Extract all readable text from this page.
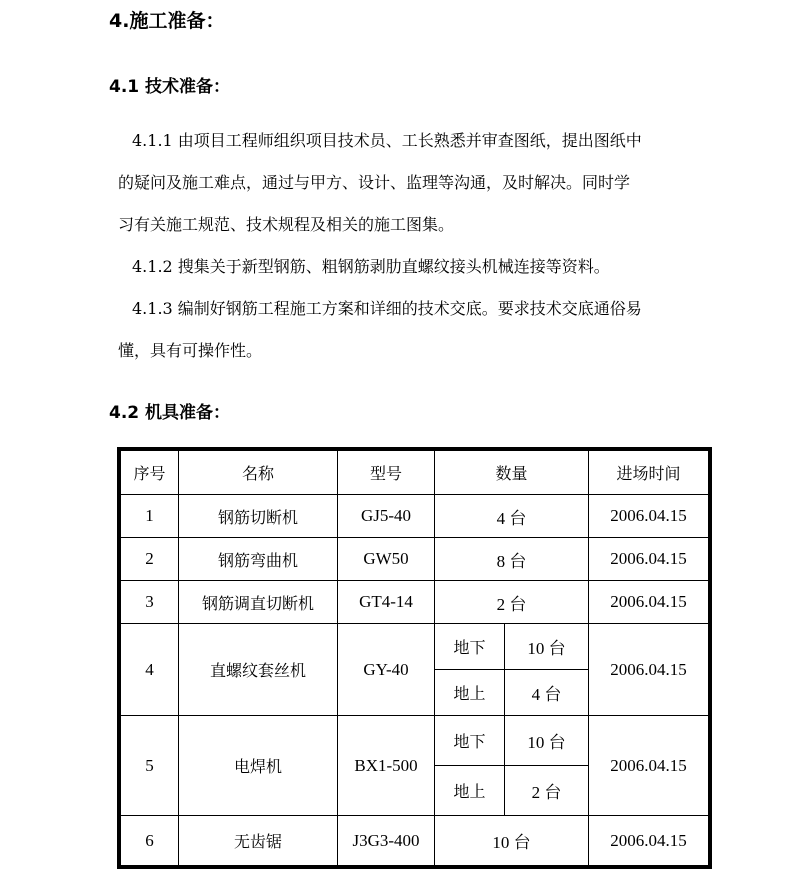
4.施工准备：
4.1 技术准备：
4.1.1 由项目工程师组织项目技术员、工长熟悉并审查图纸，提出图纸中
的疑问及施工难点，通过与甲方、设计、监理等沟通，及时解决。同时学
习有关施工规范、技术规程及相关的施工图集。
4.1.2 搜集关于新型钢筋、粗钢筋剥肋直螺纹接头机械连接等资料。
4.1.3 编制好钢筋工程施工方案和详细的技术交底。要求技术交底通俗易
懂，具有可操作性。
4.2 机具准备：
序号	名称	型号	数量		进场时间
1	钢筋切断机	GJ5-40	4 台		2006.04.15
2	钢筋弯曲机	GW50	8 台		2006.04.15
3	钢筋调直切断机	GT4-14	2 台		2006.04.15
4	直螺纹套丝机	GY-40	地下	10 台	2006.04.15
			地上	4 台	
5	电焊机	BX1-500	地下	10 台	2006.04.15
			地上	2 台	
6	无齿锯	J3G3-400	10 台		2006.04.15
